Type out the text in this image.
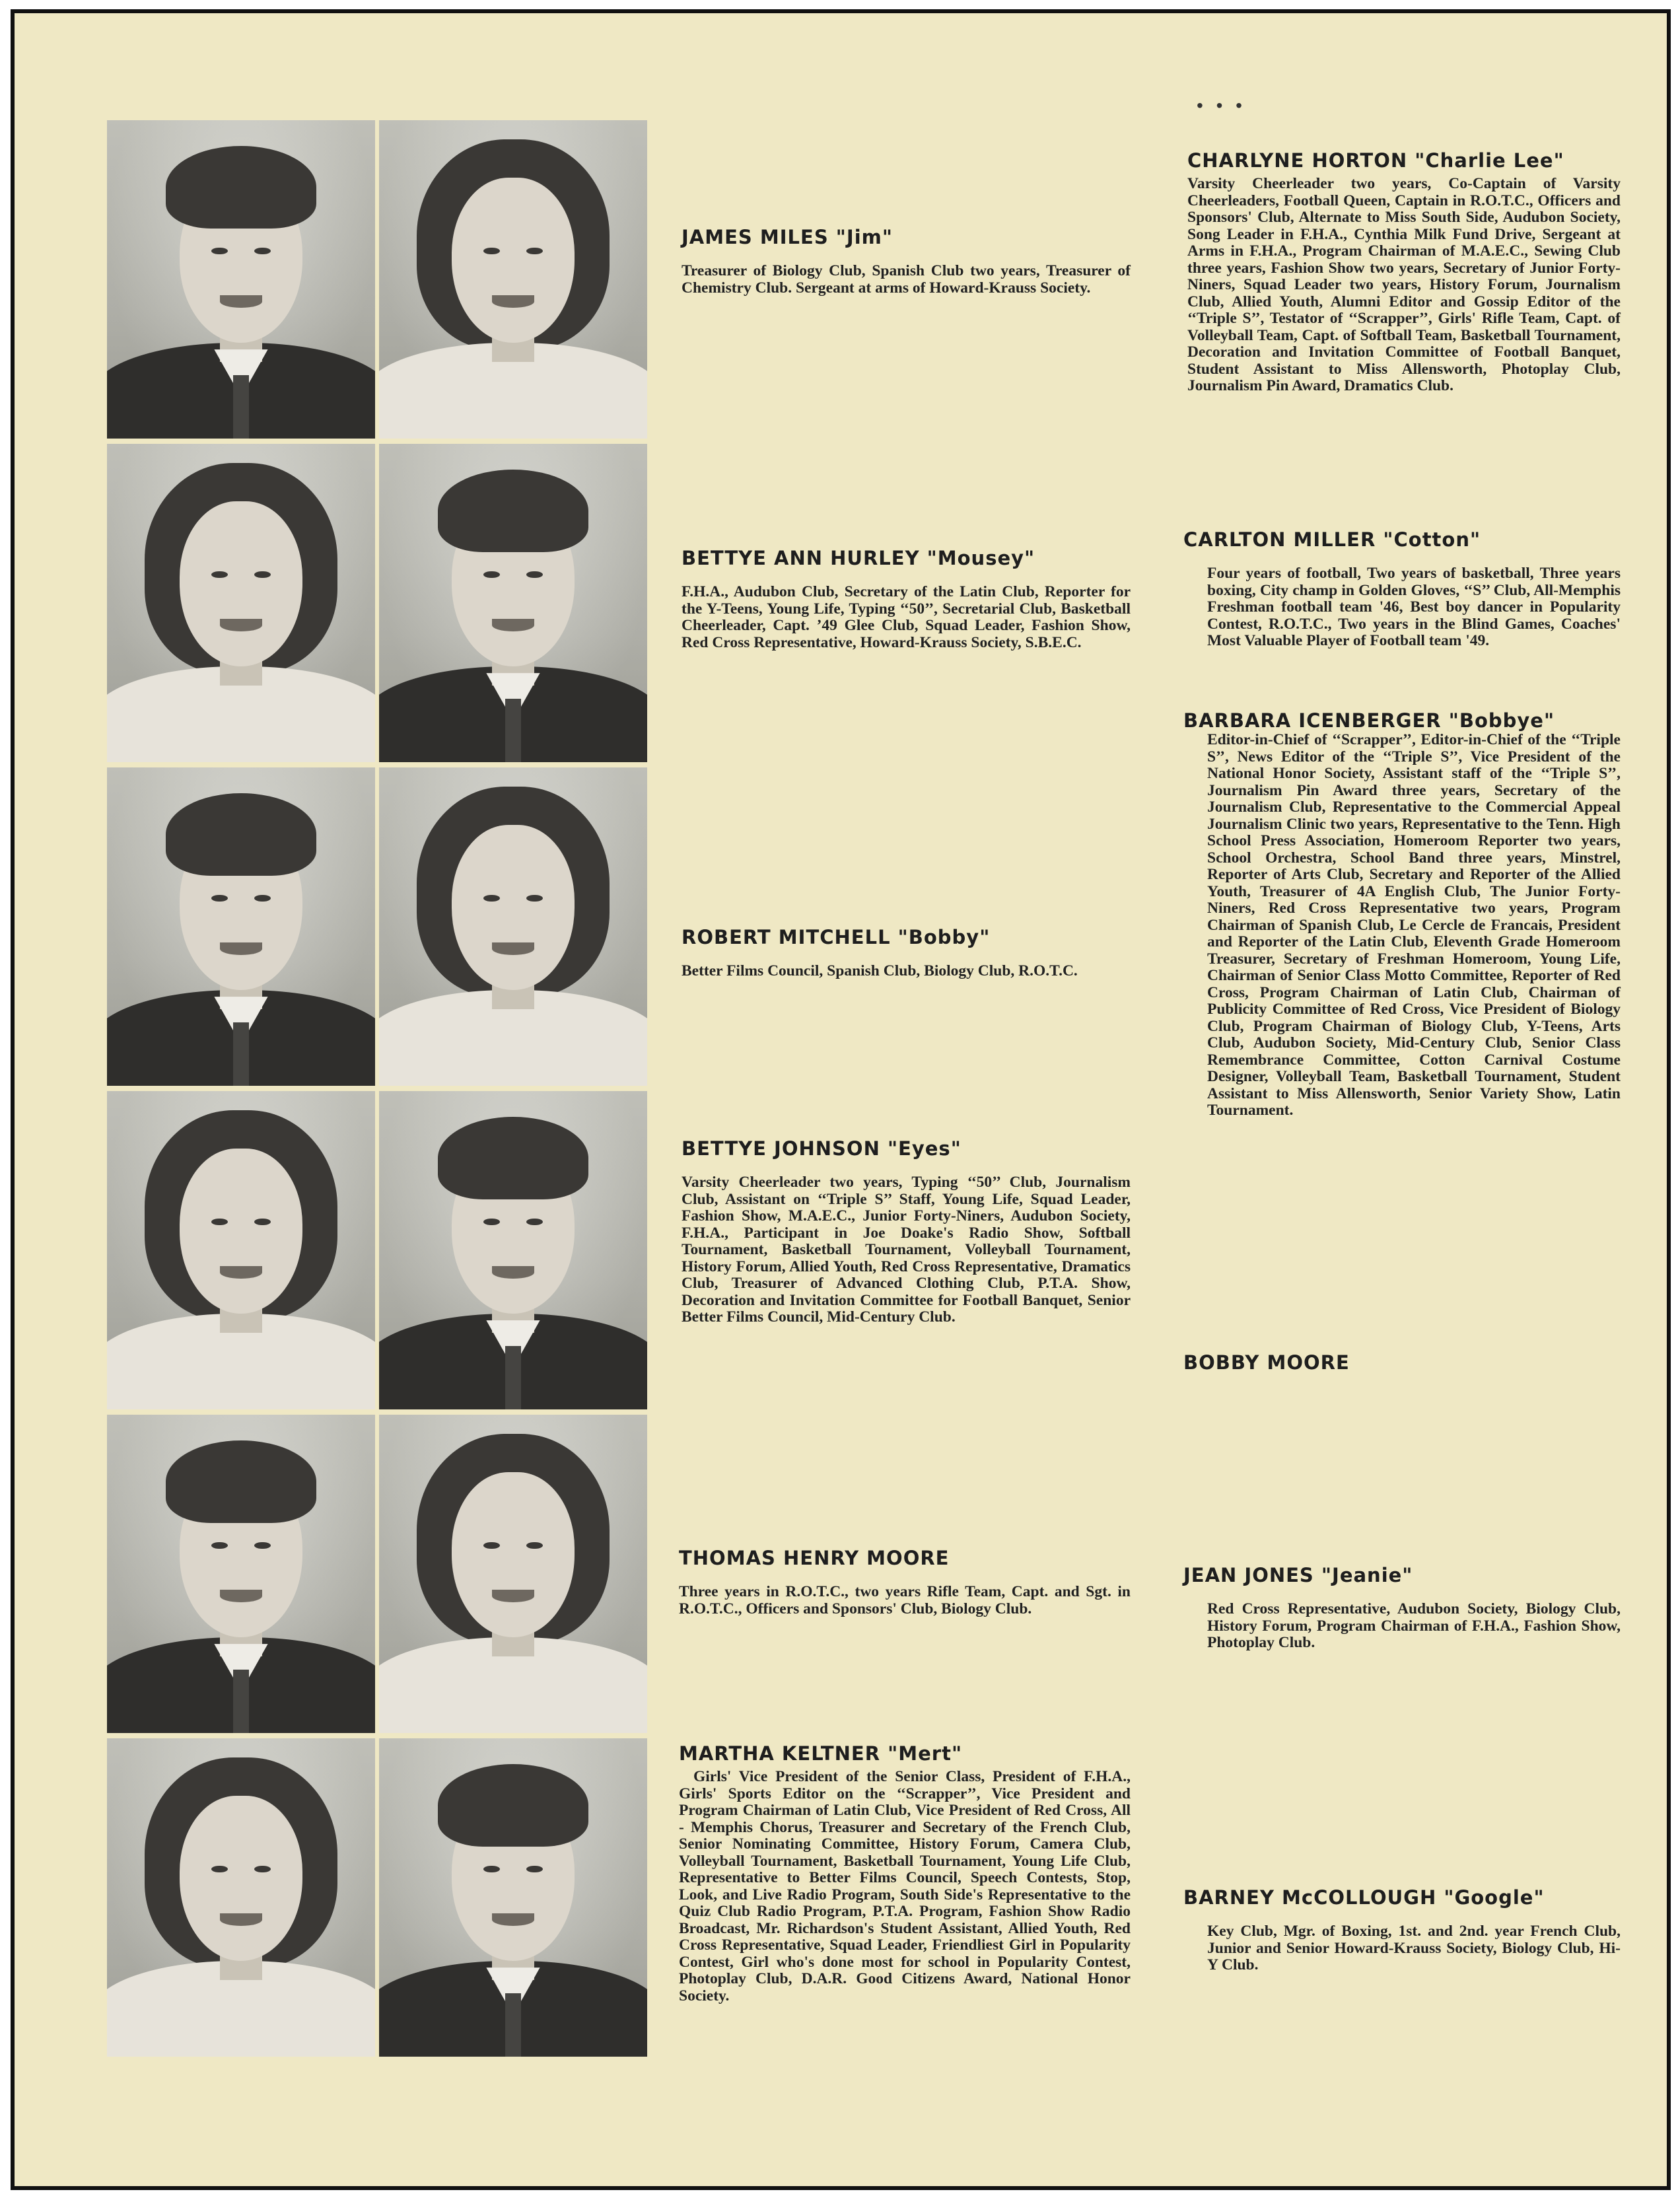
• • •
JAMES MILES "Jim"

Treasurer of Biology Club, Spanish Club two years, Treasurer of Chemistry Club. Sergeant at arms of Howard-Krauss Society.

BETTYE ANN HURLEY "Mousey"

F.H.A., Audubon Club, Secretary of the Latin Club, Reporter for the Y-Teens, Young Life, Typing ‘‘50’’, Secretarial Club, Basketball Cheerleader, Capt. ’49 Glee Club, Squad Leader, Fashion Show, Red Cross Representative, Howard-Krauss Society, S.B.E.C.

ROBERT MITCHELL "Bobby"

Better Films Council, Spanish Club, Biology Club, R.O.T.C.

BETTYE JOHNSON "Eyes"

Varsity Cheerleader two years, Typing ‘‘50’’ Club, Journalism Club, Assistant on ‘‘Triple S’’ Staff, Young Life, Squad Leader, Fashion Show, M.A.E.C., Junior Forty-Niners, Audubon Society, F.H.A., Participant in Joe Doake's Radio Show, Softball Tournament, Basketball Tournament, Volleyball Tournament, History Forum, Allied Youth, Red Cross Representative, Dramatics Club, Treasurer of Advanced Clothing Club, P.T.A. Show, Decoration and Invitation Committee for Football Banquet, Senior Better Films Council, Mid-Century Club.

THOMAS HENRY MOORE

Three years in R.O.T.C., two years Rifle Team, Capt. and Sgt. in R.O.T.C., Officers and Sponsors' Club, Biology Club.

MARTHA KELTNER "Mert"

Girls' Vice President of the Senior Class, President of F.H.A., Girls' Sports Editor on the ‘‘Scrapper’’, Vice President and Program Chairman of Latin Club, Vice President of Red Cross, All - Memphis Chorus, Treasurer and Secretary of the French Club, Senior Nominating Committee, History Forum, Camera Club, Volleyball Tournament, Basketball Tournament, Young Life Club, Representative to Better Films Council, Speech Contests, Stop, Look, and Live Radio Program, South Side's Representative to the Quiz Club Radio Program, P.T.A. Program, Fashion Show Radio Broadcast, Mr. Richardson's Student Assistant, Allied Youth, Red Cross Representative, Squad Leader, Friendliest Girl in Popularity Contest, Girl who's done most for school in Popularity Contest, Photoplay Club, D.A.R. Good Citizens Award, National Honor Society.

CHARLYNE HORTON "Charlie Lee"

Varsity Cheerleader two years, Co-Captain of Varsity Cheerleaders, Football Queen, Captain in R.O.T.C., Officers and Sponsors' Club, Alternate to Miss South Side, Audubon Society, Song Leader in F.H.A., Cynthia Milk Fund Drive, Sergeant at Arms in F.H.A., Program Chairman of M.A.E.C., Sewing Club three years, Fashion Show two years, Secretary of Junior Forty-Niners, Squad Leader two years, History Forum, Journalism Club, Allied Youth, Alumni Editor and Gossip Editor of the ‘‘Triple S’’, Testator of ‘‘Scrapper’’, Girls' Rifle Team, Capt. of Volleyball Team, Capt. of Softball Team, Basketball Tournament, Decoration and Invitation Committee of Football Banquet, Student Assistant to Miss Allensworth, Photoplay Club, Journalism Pin Award, Dramatics Club.

CARLTON MILLER "Cotton"

Four years of football, Two years of basketball, Three years boxing, City champ in Golden Gloves, ‘‘S’’ Club, All-Memphis Freshman football team '46, Best boy dancer in Popularity Contest, R.O.T.C., Two years in the Blind Games, Coaches' Most Valuable Player of Football team '49.

BARBARA ICENBERGER "Bobbye"

Editor-in-Chief of ‘‘Scrapper’’, Editor-in-Chief of the ‘‘Triple S’’, News Editor of the ‘‘Triple S’’, Vice President of the National Honor Society, Assistant staff of the ‘‘Triple S’’, Journalism Pin Award three years, Secretary of the Journalism Club, Representative to the Commercial Appeal Journalism Clinic two years, Representative to the Tenn. High School Press Association, Homeroom Reporter two years, School Orchestra, School Band three years, Minstrel, Reporter of Arts Club, Secretary and Reporter of the Allied Youth, Treasurer of 4A English Club, The Junior Forty-Niners, Red Cross Representative two years, Program Chairman of Spanish Club, Le Cercle de Francais, President and Reporter of the Latin Club, Eleventh Grade Homeroom Treasurer, Secretary of Freshman Homeroom, Young Life, Chairman of Senior Class Motto Committee, Reporter of Red Cross, Program Chairman of Latin Club, Chairman of Publicity Committee of Red Cross, Vice President of Biology Club, Program Chairman of Biology Club, Y-Teens, Arts Club, Audubon Society, Mid-Century Club, Senior Class Remembrance Committee, Cotton Carnival Costume Designer, Volleyball Team, Basketball Tournament, Student Assistant to Miss Allensworth, Senior Variety Show, Latin Tournament.

BOBBY MOORE
JEAN JONES "Jeanie"

Red Cross Representative, Audubon Society, Biology Club, History Forum, Program Chairman of F.H.A., Fashion Show, Photoplay Club.

BARNEY McCOLLOUGH "Google"

Key Club, Mgr. of Boxing, 1st. and 2nd. year French Club, Junior and Senior Howard-Krauss Society, Biology Club, Hi-Y Club.
